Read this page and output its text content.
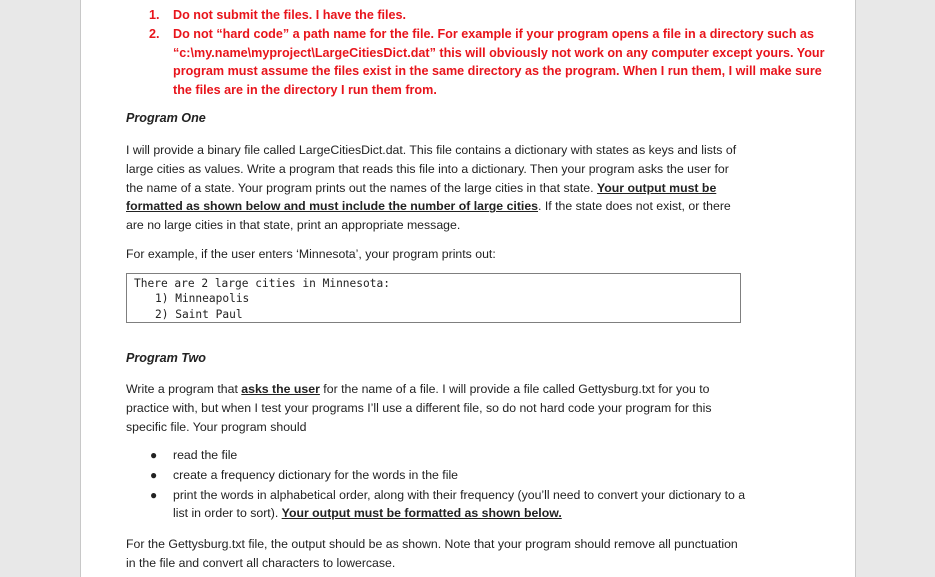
1. Do not submit the files. I have the files.
2. Do not “hard code” a path name for the file. For example if your program opens a file in a directory such as “c:\my.name\myproject\LargeCitiesDict.dat” this will obviously not work on any computer except yours. Your program must assume the files exist in the same directory as the program. When I run them, I will make sure the files are in the directory I run them from.
Program One
I will provide a binary file called LargeCitiesDict.dat. This file contains a dictionary with states as keys and lists of large cities as values. Write a program that reads this file into a dictionary. Then your program asks the user for the name of a state. Your program prints out the names of the large cities in that state. Your output must be formatted as shown below and must include the number of large cities. If the state does not exist, or there are no large cities in that state, print an appropriate message.
For example, if the user enters ‘Minnesota’, your program prints out:
There are 2 large cities in Minnesota:
1) Minneapolis
2) Saint Paul
Program Two
Write a program that asks the user for the name of a file. I will provide a file called Gettysburg.txt for you to practice with, but when I test your programs I’ll use a different file, so do not hard code your program for this specific file. Your program should
● read the file
● create a frequency dictionary for the words in the file
● print the words in alphabetical order, along with their frequency (you’ll need to convert your dictionary to a list in order to sort). Your output must be formatted as shown below.
For the Gettysburg.txt file, the output should be as shown. Note that your program should remove all punctuation in the file and convert all characters to lowercase.
